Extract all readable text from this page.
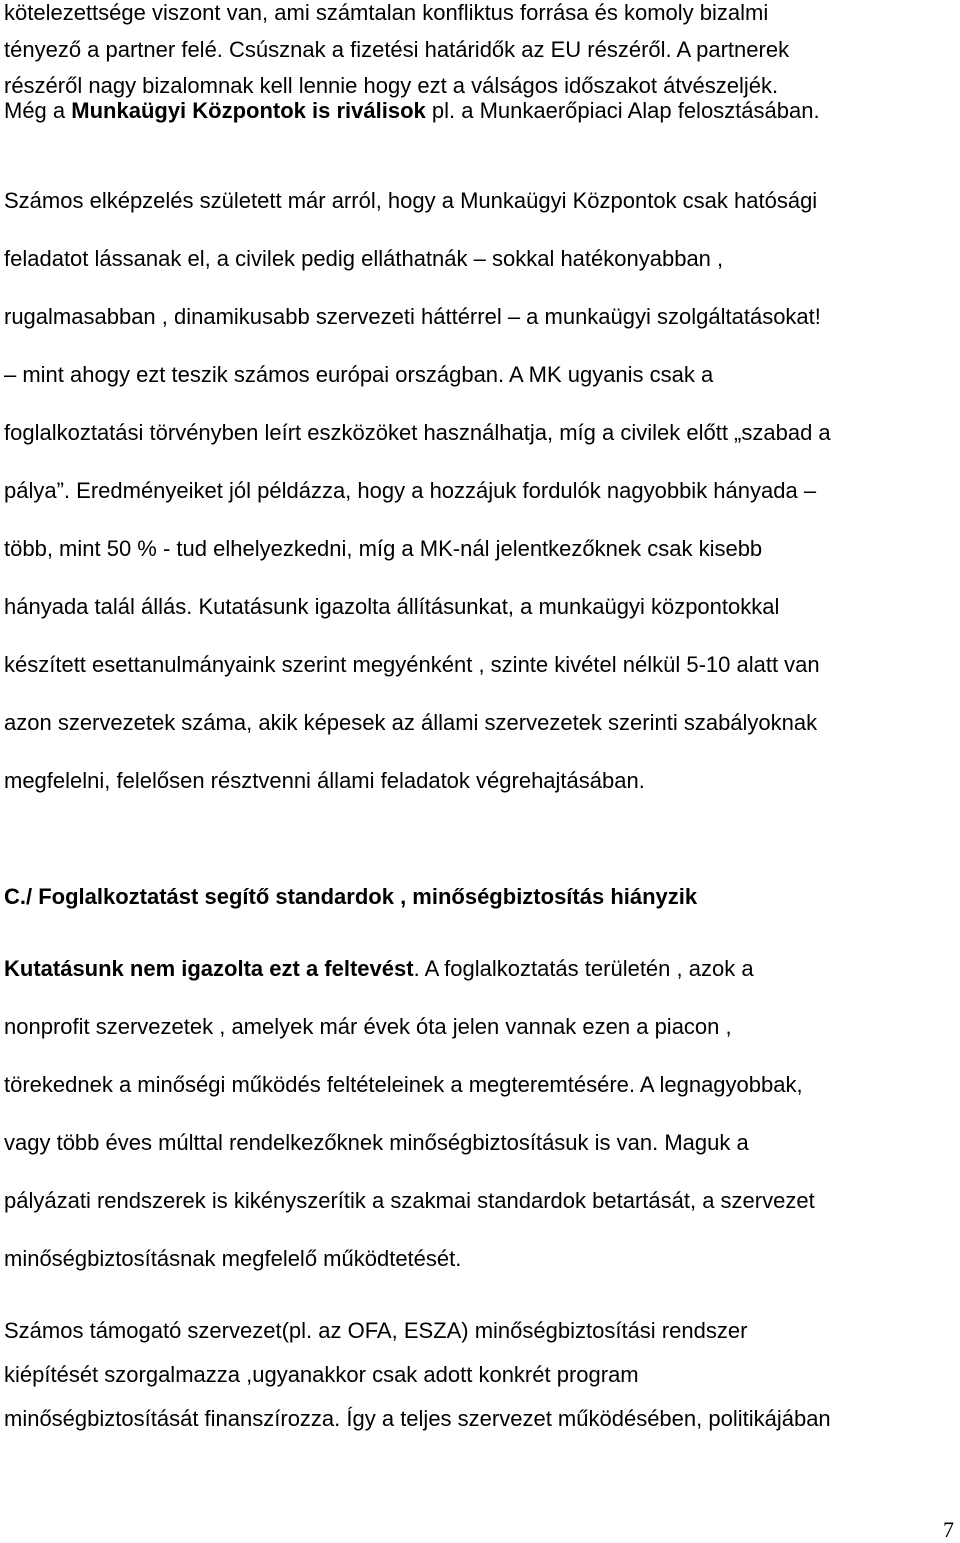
kötelezettsége viszont van, ami számtalan konfliktus forrása és komoly bizalmi
tényező a partner felé. Csúsznak a fizetési határidők az EU részéről. A partnerek
részéről nagy bizalomnak kell lennie hogy ezt a válságos időszakot átvészeljék.
Még a Munkaügyi Központok is riválisok pl. a Munkaerőpiaci Alap felosztásában.
Számos elképzelés született már arról, hogy a Munkaügyi Központok csak hatósági
feladatot lássanak el, a civilek pedig elláthatnák – sokkal hatékonyabban ,
rugalmasabban , dinamikusabb szervezeti háttérrel – a munkaügyi szolgáltatásokat!
– mint ahogy ezt teszik számos európai országban. A MK ugyanis csak a
foglalkoztatási törvényben leírt eszközöket használhatja, míg a civilek előtt „szabad a
pálya”. Eredményeiket jól példázza, hogy a hozzájuk fordulók nagyobbik hányada –
több, mint 50 % - tud elhelyezkedni, míg a MK-nál jelentkezőknek csak kisebb
hányada talál állás. Kutatásunk igazolta állításunkat, a munkaügyi központokkal
készített esettanulmányaink szerint megyénként , szinte kivétel nélkül 5-10 alatt van
azon szervezetek száma, akik képesek az állami szervezetek szerinti szabályoknak
megfelelni, felelősen résztvenni állami feladatok végrehajtásában.
C./ Foglalkoztatást segítő standardok , minőségbiztosítás hiányzik
Kutatásunk nem igazolta ezt a feltevést. A foglalkoztatás területén , azok a
nonprofit szervezetek , amelyek már évek óta jelen vannak ezen a piacon ,
törekednek a minőségi működés feltételeinek a megteremtésére. A legnagyobbak,
vagy több éves múlttal rendelkezőknek minőségbiztosításuk is van. Maguk a
pályázati rendszerek is kikényszerítik a szakmai standardok betartását, a szervezet
minőségbiztosításnak megfelelő működtetését.
Számos támogató szervezet(pl. az OFA, ESZA) minőségbiztosítási rendszer
kiépítését szorgalmazza ,ugyanakkor csak adott konkrét program
minőségbiztosítását finanszírozza. Így a teljes szervezet működésében, politikájában
7
